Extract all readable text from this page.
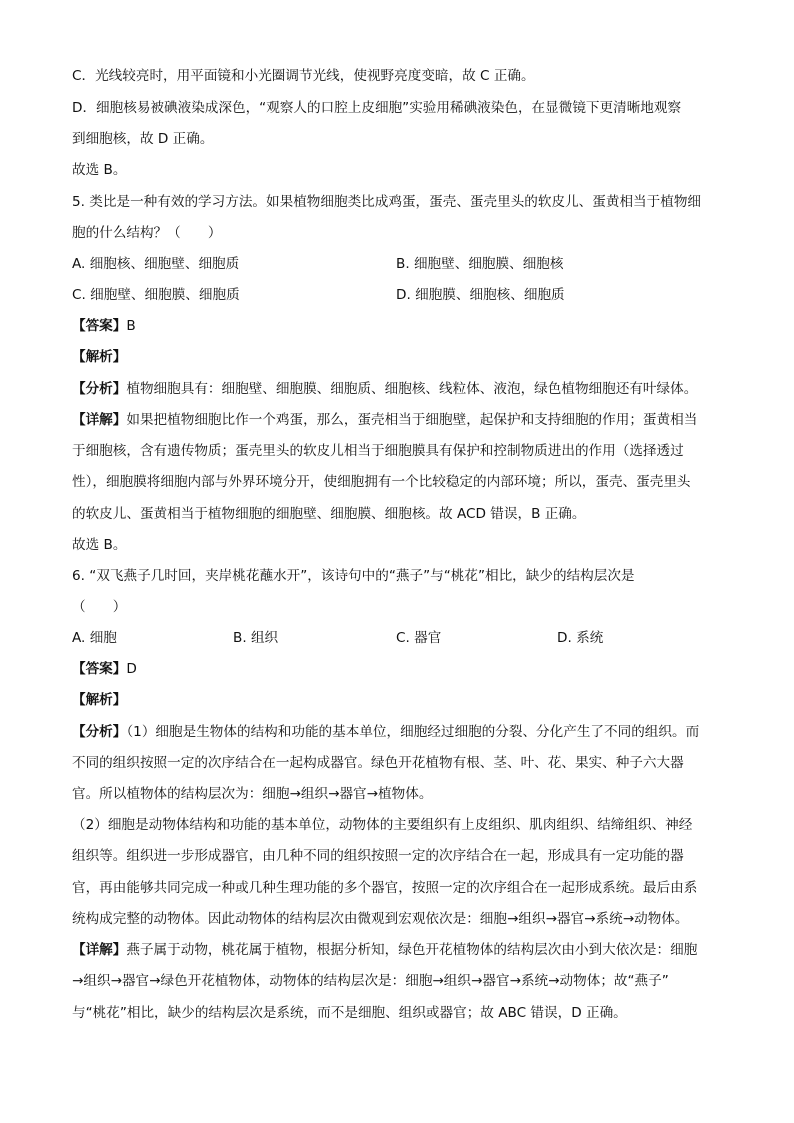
C．光线较亮时，用平面镜和小光圈调节光线，使视野亮度变暗，故 C 正确。
D．细胞核易被碘液染成深色，“观察人的口腔上皮细胞”实验用稀碘液染色，在显微镜下更清晰地观察
到细胞核，故 D 正确。
故选 B。
5. 类比是一种有效的学习方法。如果植物细胞类比成鸡蛋，蛋壳、蛋壳里头的软皮儿、蛋黄相当于植物细
胞的什么结构？（　　）
A. 细胞核、细胞壁、细胞质	B. 细胞壁、细胞膜、细胞核
C. 细胞壁、细胞膜、细胞质	D. 细胞膜、细胞核、细胞质
【答案】B
【解析】
【分析】植物细胞具有：细胞壁、细胞膜、细胞质、细胞核、线粒体、液泡，绿色植物细胞还有叶绿体。
【详解】如果把植物细胞比作一个鸡蛋，那么，蛋壳相当于细胞壁，起保护和支持细胞的作用；蛋黄相当
于细胞核，含有遗传物质；蛋壳里头的软皮儿相当于细胞膜具有保护和控制物质进出的作用（选择透过
性），细胞膜将细胞内部与外界环境分开，使细胞拥有一个比较稳定的内部环境；所以，蛋壳、蛋壳里头
的软皮儿、蛋黄相当于植物细胞的细胞壁、细胞膜、细胞核。故 ACD 错误，B 正确。
故选 B。
6. “双飞燕子几时回，夹岸桃花蘸水开”，该诗句中的“燕子”与“桃花”相比，缺少的结构层次是
（　　）
A. 细胞	B. 组织	C. 器官	D. 系统
【答案】D
【解析】
【分析】（1）细胞是生物体的结构和功能的基本单位，细胞经过细胞的分裂、分化产生了不同的组织。而
不同的组织按照一定的次序结合在一起构成器官。绿色开花植物有根、茎、叶、花、果实、种子六大器
官。所以植物体的结构层次为：细胞→组织→器官→植物体。
（2）细胞是动物体结构和功能的基本单位，动物体的主要组织有上皮组织、肌肉组织、结缔组织、神经
组织等。组织进一步形成器官，由几种不同的组织按照一定的次序结合在一起，形成具有一定功能的器
官，再由能够共同完成一种或几种生理功能的多个器官，按照一定的次序组合在一起形成系统。最后由系
统构成完整的动物体。因此动物体的结构层次由微观到宏观依次是：细胞→组织→器官→系统→动物体。
【详解】燕子属于动物，桃花属于植物，根据分析知，绿色开花植物体的结构层次由小到大依次是：细胞
→组织→器官→绿色开花植物体，动物体的结构层次是：细胞→组织→器官→系统→动物体；故“燕子”
与“桃花”相比，缺少的结构层次是系统，而不是细胞、组织或器官；故 ABC 错误，D 正确。
